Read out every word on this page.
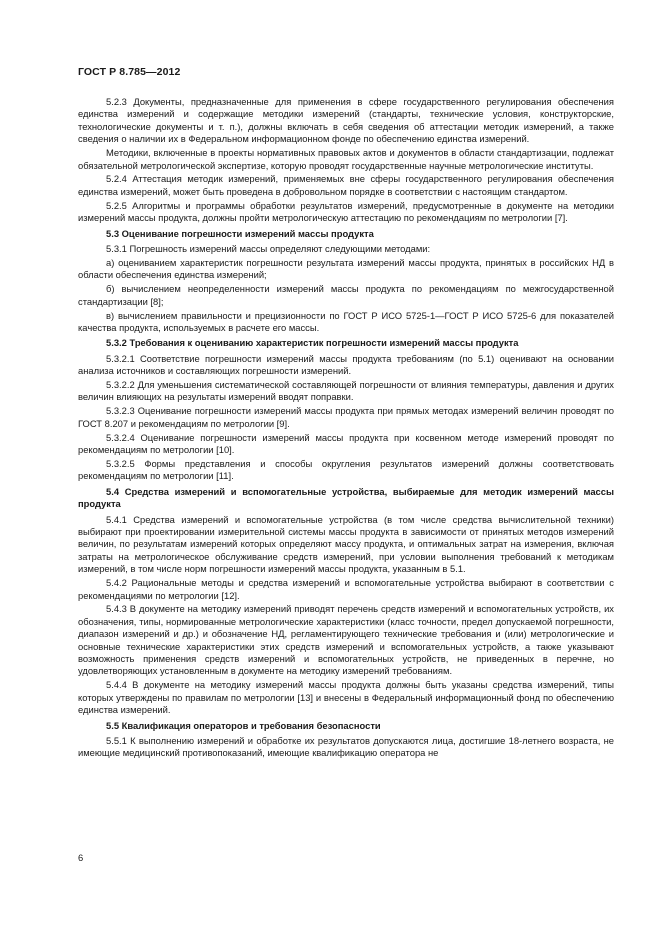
ГОСТ Р 8.785—2012

5.2.3 Документы, предназначенные для применения в сфере государственного регулирования обеспечения единства измерений и содержащие методики измерений (стандарты, технические условия, конструкторские, технологические документы и т. п.), должны включать в себя сведения об аттестации методик измерений, а также сведения о наличии их в Федеральном информационном фонде по обеспечению единства измерений.

Методики, включенные в проекты нормативных правовых актов и документов в области стандартизации, подлежат обязательной метрологической экспертизе, которую проводят государственные научные метрологические институты.

5.2.4 Аттестация методик измерений, применяемых вне сферы государственного регулирования обеспечения единства измерений, может быть проведена в добровольном порядке в соответствии с настоящим стандартом.

5.2.5 Алгоритмы и программы обработки результатов измерений, предусмотренные в документе на методики измерений массы продукта, должны пройти метрологическую аттестацию по рекомендациям по метрологии [7].

5.3 Оценивание погрешности измерений массы продукта

5.3.1 Погрешность измерений массы определяют следующими методами:

а) оцениванием характеристик погрешности результата измерений массы продукта, принятых в российских НД в области обеспечения единства измерений;

б) вычислением неопределенности измерений массы продукта по рекомендациям по межгосударственной стандартизации [8];

в) вычислением правильности и прецизионности по ГОСТ Р ИСО 5725-1—ГОСТ Р ИСО 5725-6 для показателей качества продукта, используемых в расчете его массы.

5.3.2 Требования к оцениванию характеристик погрешности измерений массы продукта

5.3.2.1 Соответствие погрешности измерений массы продукта требованиям (по 5.1) оценивают на основании анализа источников и составляющих погрешности измерений.

5.3.2.2 Для уменьшения систематической составляющей погрешности от влияния температуры, давления и других величин влияющих на результаты измерений вводят поправки.

5.3.2.3 Оценивание погрешности измерений массы продукта при прямых методах измерений величин проводят по ГОСТ 8.207 и рекомендациям по метрологии [9].

5.3.2.4 Оценивание погрешности измерений массы продукта при косвенном методе измерений проводят по рекомендациям по метрологии [10].

5.3.2.5 Формы представления и способы округления результатов измерений должны соответствовать рекомендациям по метрологии [11].

5.4 Средства измерений и вспомогательные устройства, выбираемые для методик измерений массы продукта

5.4.1 Средства измерений и вспомогательные устройства (в том числе средства вычислительной техники) выбирают при проектировании измерительной системы массы продукта в зависимости от принятых методов измерений величин, по результатам измерений которых определяют массу продукта, и оптимальных затрат на измерения, включая затраты на метрологическое обслуживание средств измерений, при условии выполнения требований к методикам измерений, в том числе норм погрешности измерений массы продукта, указанным в 5.1.

5.4.2 Рациональные методы и средства измерений и вспомогательные устройства выбирают в соответствии с рекомендациями по метрологии [12].

5.4.3 В документе на методику измерений приводят перечень средств измерений и вспомогательных устройств, их обозначения, типы, нормированные метрологические характеристики (класс точности, предел допускаемой погрешности, диапазон измерений и др.) и обозначение НД, регламентирующего технические требования и (или) метрологические и основные технические характеристики этих средств измерений и вспомогательных устройств, а также указывают возможность применения средств измерений и вспомогательных устройств, не приведенных в перечне, но удовлетворяющих установленным в документе на методику измерений требованиям.

5.4.4 В документе на методику измерений массы продукта должны быть указаны средства измерений, типы которых утверждены по правилам по метрологии [13] и внесены в Федеральный информационный фонд по обеспечению единства измерений.

5.5 Квалификация операторов и требования безопасности

5.5.1 К выполнению измерений и обработке их результатов допускаются лица, достигшие 18-летнего возраста, не имеющие медицинский противопоказаний, имеющие квалификацию оператора не

6
